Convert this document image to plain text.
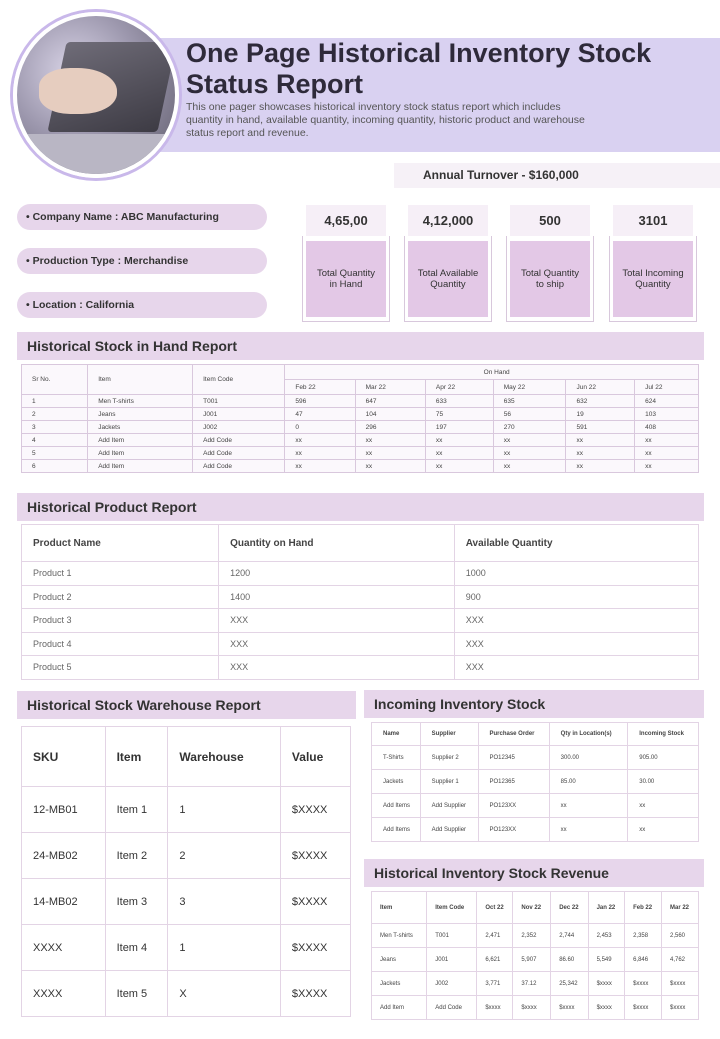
One Page Historical Inventory Stock Status Report
This one pager showcases historical inventory stock status report which includes quantity in hand, available quantity, incoming quantity, historic product and warehouse status report and revenue.
Annual Turnover - $160,000
• Company Name : ABC Manufacturing
• Production Type : Merchandise
• Location : California
4,65,00
Total Quantity in Hand
4,12,000
Total Available Quantity
500
Total Quantity to ship
3101
Total Incoming Quantity
Historical Stock in Hand Report
Sr No.	Item	Item Code	On Hand					
			Feb 22	Mar 22	Apr 22	May 22	Jun 22	Jul 22
1	Men T-shirts	T001	596	647	633	635	632	624
2	Jeans	J001	47	104	75	56	19	103
3	Jackets	J002	0	296	197	270	591	408
4	Add Item	Add Code	xx	xx	xx	xx	xx	xx
5	Add Item	Add Code	xx	xx	xx	xx	xx	xx
6	Add Item	Add Code	xx	xx	xx	xx	xx	xx
Historical Product Report
Product Name	Quantity on Hand	Available Quantity
Product 1	1200	1000
Product 2	1400	900
Product 3	XXX	XXX
Product 4	XXX	XXX
Product 5	XXX	XXX
Historical Stock Warehouse Report
SKU	Item	Warehouse	Value
12-MB01	Item 1	1	$XXXX
24-MB02	Item 2	2	$XXXX
14-MB02	Item 3	3	$XXXX
XXXX	Item 4	1	$XXXX
XXXX	Item 5	X	$XXXX
Incoming Inventory Stock
Name	Supplier	Purchase Order	Qty in Location(s)	Incoming Stock
T-Shirts	Supplier 2	PO12345	300.00	905.00
Jackets	Supplier 1	PO12365	85.00	30.00
Add Items	Add Supplier	PO123XX	xx	xx
Add Items	Add Supplier	PO123XX	xx	xx
Historical Inventory Stock Revenue
Item	Item Code	Oct 22	Nov 22	Dec 22	Jan 22	Feb 22	Mar 22
Men T-shirts	T001	2,471	2,352	2,744	2,453	2,358	2,560
Jeans	J001	6,621	5,907	86.60	5,549	6,846	4,762
Jackets	J002	3,771	37.12	25,342	$xxxx	$xxxx	$xxxx
Add Item	Add Code	$xxxx	$xxxx	$xxxx	$xxxx	$xxxx	$xxxx
